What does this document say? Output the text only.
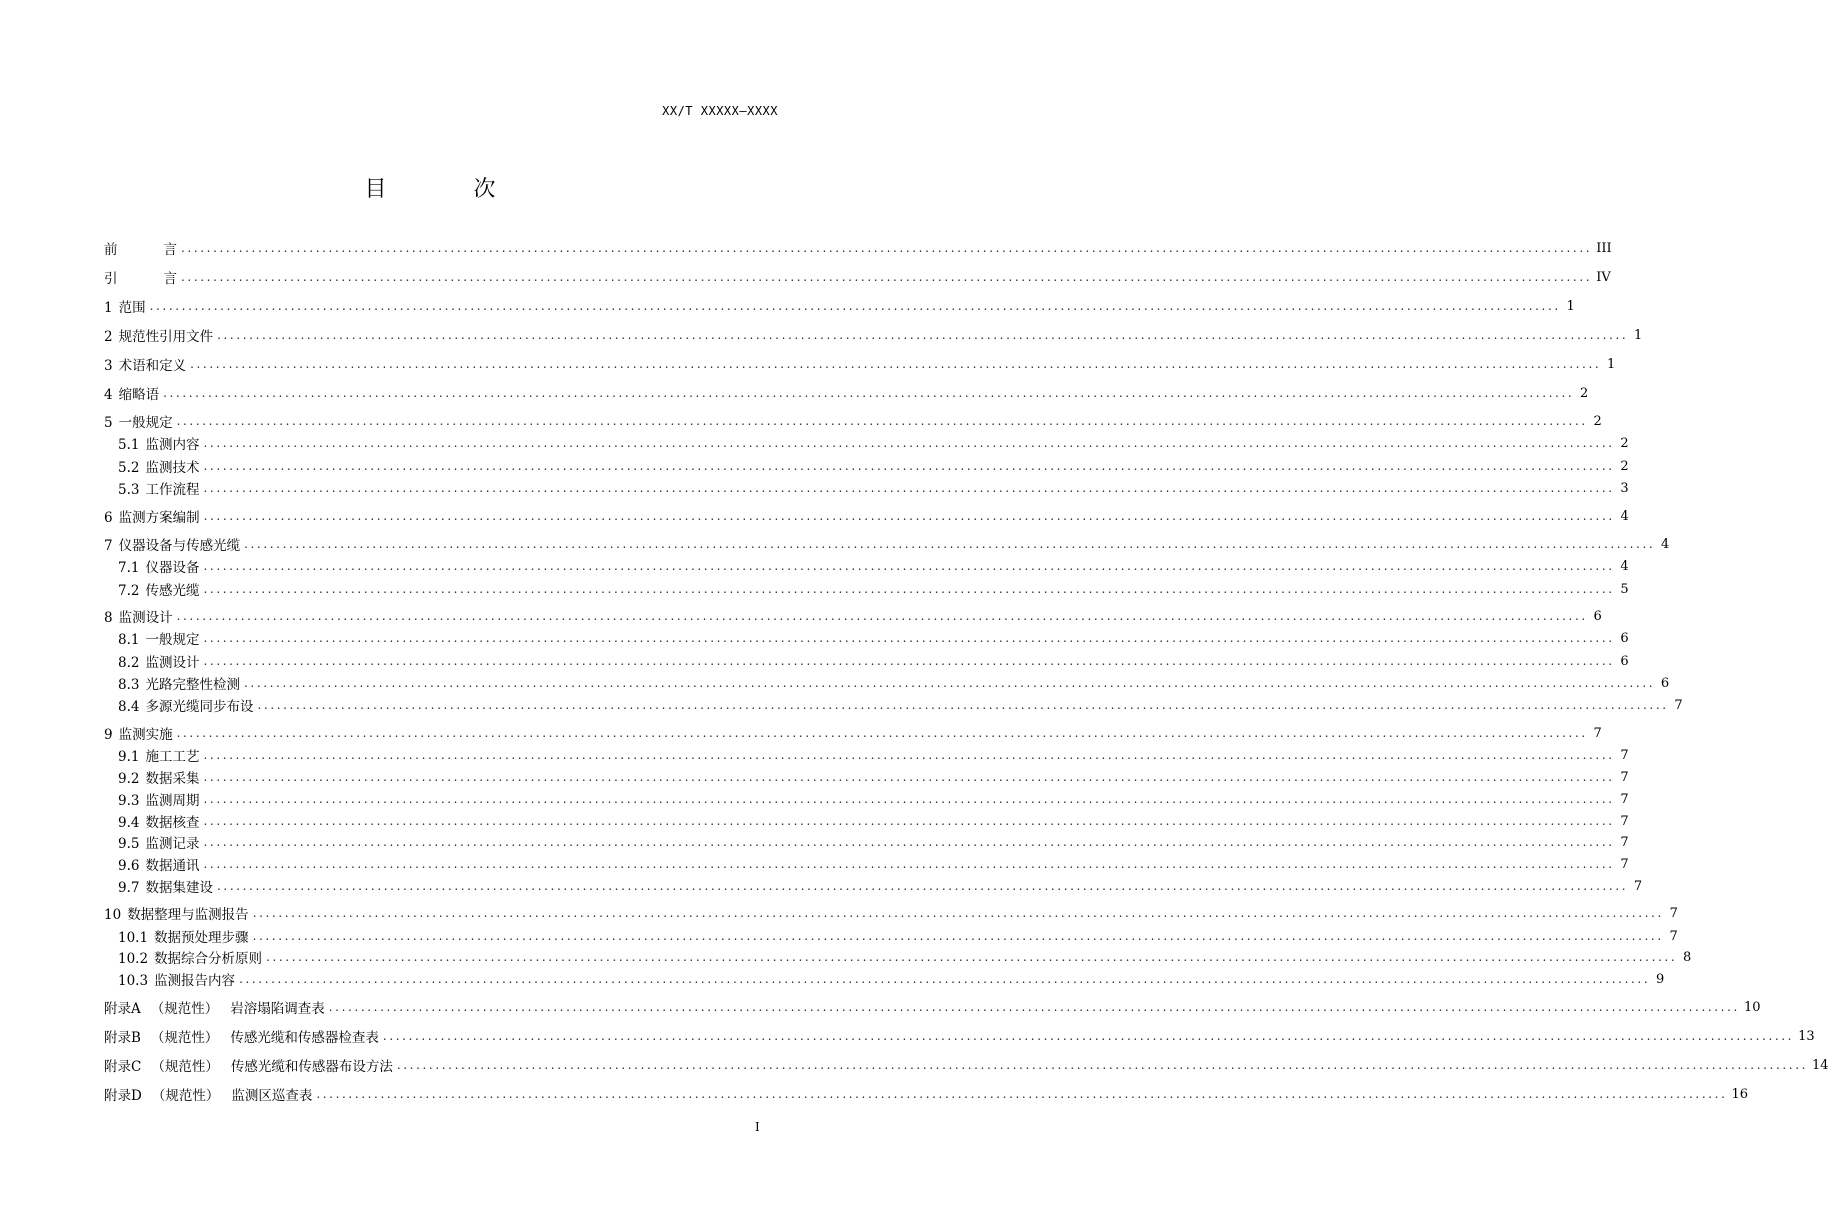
XX/T XXXXX—XXXX
目 次
前	言 ............................................................................................................................................................................................................................ III
引	言 ............................................................................................................................................................................................................................ IV
1 范围 ............................................................................................................................................................................................................................ 1
2 规范性引用文件 ............................................................................................................................................................................................................................ 1
3 术语和定义 ............................................................................................................................................................................................................................ 1
4 缩略语 ............................................................................................................................................................................................................................ 2
5 一般规定 ............................................................................................................................................................................................................................ 2
5.1 监测内容 ............................................................................................................................................................................................................................ 2
5.2 监测技术 ............................................................................................................................................................................................................................ 2
5.3 工作流程 ............................................................................................................................................................................................................................ 3
6 监测方案编制 ............................................................................................................................................................................................................................ 4
7 仪器设备与传感光缆 ............................................................................................................................................................................................................................ 4
7.1 仪器设备 ............................................................................................................................................................................................................................ 4
7.2 传感光缆 ............................................................................................................................................................................................................................ 5
8 监测设计 ............................................................................................................................................................................................................................ 6
8.1 一般规定 ............................................................................................................................................................................................................................ 6
8.2 监测设计 ............................................................................................................................................................................................................................ 6
8.3 光路完整性检测 ............................................................................................................................................................................................................................ 6
8.4 多源光缆同步布设 ............................................................................................................................................................................................................................ 7
9 监测实施 ............................................................................................................................................................................................................................ 7
9.1 施工工艺 ............................................................................................................................................................................................................................ 7
9.2 数据采集 ............................................................................................................................................................................................................................ 7
9.3 监测周期 ............................................................................................................................................................................................................................ 7
9.4 数据核查 ............................................................................................................................................................................................................................ 7
9.5 监测记录 ............................................................................................................................................................................................................................ 7
9.6 数据通讯 ............................................................................................................................................................................................................................ 7
9.7 数据集建设 ............................................................................................................................................................................................................................ 7
10 数据整理与监测报告 ............................................................................................................................................................................................................................ 7
10.1 数据预处理步骤 ............................................................................................................................................................................................................................ 7
10.2 数据综合分析原则 ............................................................................................................................................................................................................................ 8
10.3 监测报告内容 ............................................................................................................................................................................................................................ 9
附录A （规范性） 岩溶塌陷调查表 ............................................................................................................................................................................................................................ 10
附录B （规范性） 传感光缆和传感器检查表 ............................................................................................................................................................................................................................ 13
附录C （规范性） 传感光缆和传感器布设方法 ............................................................................................................................................................................................................................ 14
附录D （规范性） 监测区巡查表 ............................................................................................................................................................................................................................ 16
I
